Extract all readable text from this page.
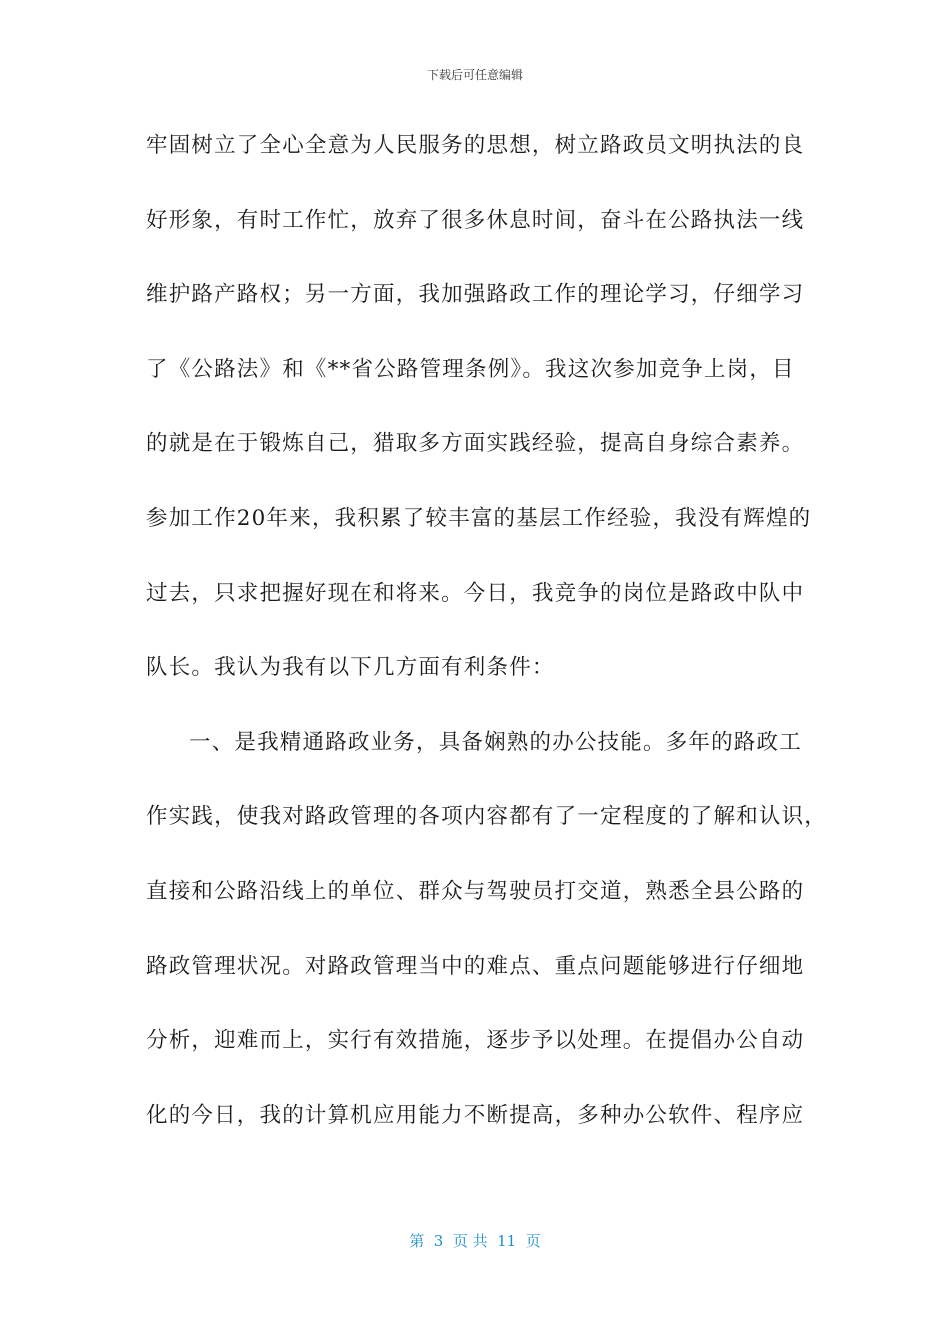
下载后可任意编辑
牢固树立了全心全意为人民服务的思想，树立路政员文明执法的良
好形象，有时工作忙，放弃了很多休息时间，奋斗在公路执法一线
维护路产路权；另一方面，我加强路政工作的理论学习，仔细学习
了《公路法》和《**省公路管理条例》。我这次参加竞争上岗，目
的就是在于锻炼自己，猎取多方面实践经验，提高自身综合素养。
参加工作20年来，我积累了较丰富的基层工作经验，我没有辉煌的
过去，只求把握好现在和将来。今日，我竞争的岗位是路政中队中
队长。我认为我有以下几方面有利条件：
一、是我精通路政业务，具备娴熟的办公技能。多年的路政工
作实践，使我对路政管理的各项内容都有了一定程度的了解和认识，
直接和公路沿线上的单位、群众与驾驶员打交道，熟悉全县公路的
路政管理状况。对路政管理当中的难点、重点问题能够进行仔细地
分析，迎难而上，实行有效措施，逐步予以处理。在提倡办公自动
化的今日，我的计算机应用能力不断提高，多种办公软件、程序应
第  3  页 共  11  页
